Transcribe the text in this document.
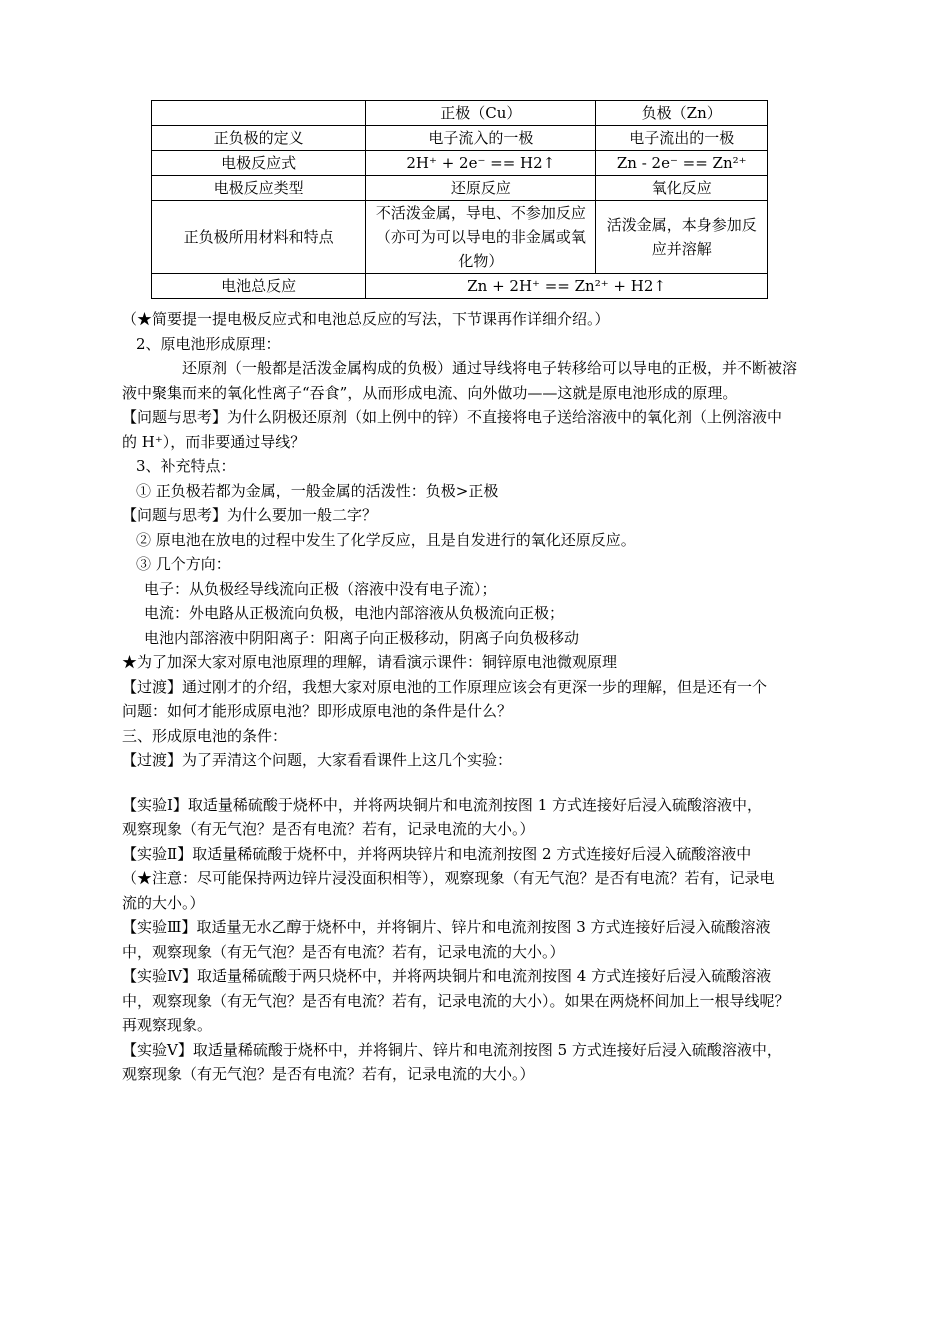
	正极（Cu）	负极（Zn）
正负极的定义	电子流入的一极	电子流出的一极
电极反应式	2H⁺ + 2e⁻ == H2↑	Zn - 2e⁻ == Zn²⁺
电极反应类型	还原反应	氧化反应
正负极所用材料和特点	不活泼金属，导电、不参加反应（亦可为可以导电的非金属或氧化物）	活泼金属，本身参加反应并溶解
电池总反应	Zn + 2H⁺ == Zn²⁺ + H2↑	
（★简要提一提电极反应式和电池总反应的写法，下节课再作详细介绍。）
2、原电池形成原理：
还原剂（一般都是活泼金属构成的负极）通过导线将电子转移给可以导电的正极，并不断被溶
液中聚集而来的氧化性离子“吞食”，从而形成电流、向外做功——这就是原电池形成的原理。
【问题与思考】为什么阴极还原剂（如上例中的锌）不直接将电子送给溶液中的氧化剂（上例溶液中
的 H⁺），而非要通过导线？
3、补充特点：
① 正负极若都为金属，一般金属的活泼性：负极>正极
【问题与思考】为什么要加一般二字？
② 原电池在放电的过程中发生了化学反应，且是自发进行的氧化还原反应。
③ 几个方向：
电子：从负极经导线流向正极（溶液中没有电子流）；
电流：外电路从正极流向负极，电池内部溶液从负极流向正极；
电池内部溶液中阴阳离子：阳离子向正极移动，阴离子向负极移动
★为了加深大家对原电池原理的理解，请看演示课件：铜锌原电池微观原理
【过渡】通过刚才的介绍，我想大家对原电池的工作原理应该会有更深一步的理解，但是还有一个
问题：如何才能形成原电池？即形成原电池的条件是什么？
三、形成原电池的条件：
【过渡】为了弄清这个问题，大家看看课件上这几个实验：
【实验Ⅰ】取适量稀硫酸于烧杯中，并将两块铜片和电流剂按图 1 方式连接好后浸入硫酸溶液中，
观察现象（有无气泡？是否有电流？若有，记录电流的大小。）
【实验Ⅱ】取适量稀硫酸于烧杯中，并将两块锌片和电流剂按图 2 方式连接好后浸入硫酸溶液中
（★注意：尽可能保持两边锌片浸没面积相等），观察现象（有无气泡？是否有电流？若有，记录电
流的大小。）
【实验Ⅲ】取适量无水乙醇于烧杯中，并将铜片、锌片和电流剂按图 3 方式连接好后浸入硫酸溶液
中，观察现象（有无气泡？是否有电流？若有，记录电流的大小。）
【实验Ⅳ】取适量稀硫酸于两只烧杯中，并将两块铜片和电流剂按图 4 方式连接好后浸入硫酸溶液
中，观察现象（有无气泡？是否有电流？若有，记录电流的大小）。如果在两烧杯间加上一根导线呢？
再观察现象。
【实验Ⅴ】取适量稀硫酸于烧杯中，并将铜片、锌片和电流剂按图 5 方式连接好后浸入硫酸溶液中，
观察现象（有无气泡？是否有电流？若有，记录电流的大小。）
